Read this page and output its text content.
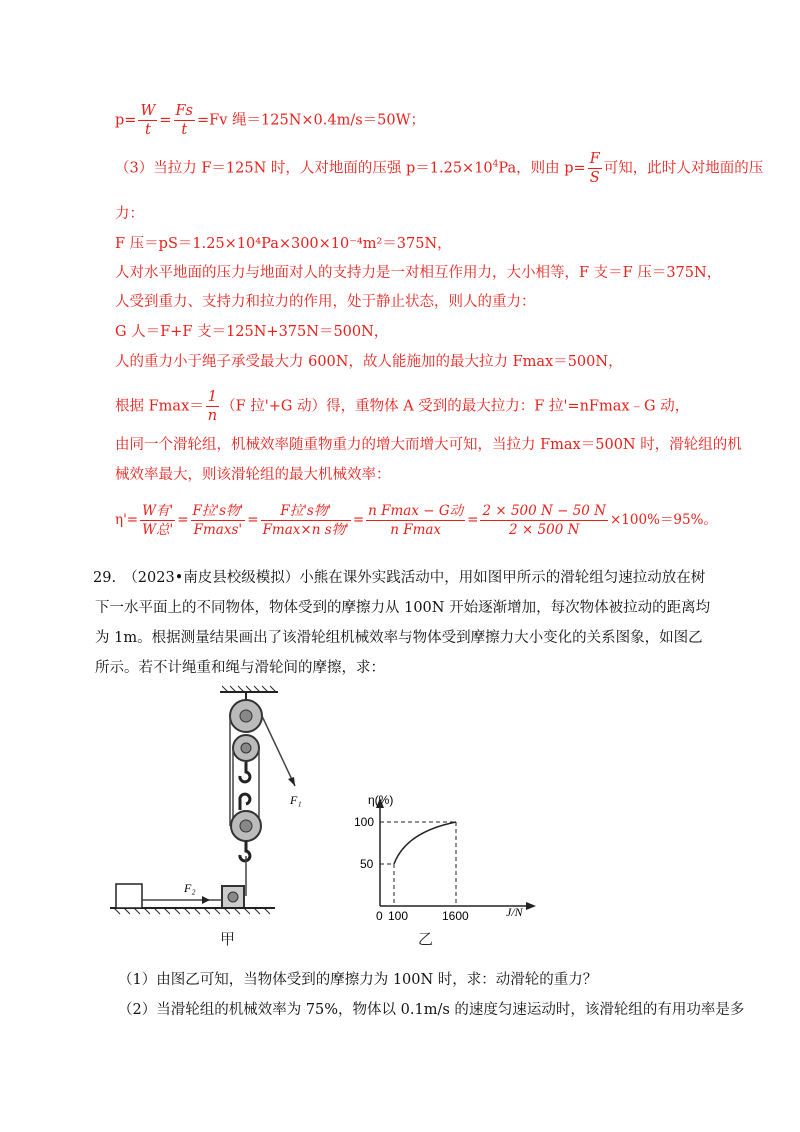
$p= \frac{W}{t} = \frac{Fs}{t} =Fv$ 绳＝125N×0.4m/s＝50W；
（3）当拉力 F＝125N 时，人对地面的压强 $p=1.25\times 10^4Pa$，则由 $p= \frac{F}{S}$ 可知，此时人对地面的压
力：
F 压＝pS＝1.25×10⁴Pa×300×10⁻⁴m²＝375N，
人对水平地面的压力与地面对人的支持力是一对相互作用力，大小相等，F 支＝F 压＝375N，
人受到重力、支持力和拉力的作用，处于静止状态，则人的重力：
G 人＝F+F 支＝125N+375N＝500N，
人的重力小于绳子承受最大力 600N，故人能施加的最大拉力 Fmax＝500N，
根据 $Fmax= \frac{1}{n} (F$ 拉'+G 动）得，重物体 A 受到的最大拉力：F 拉'=nFmax﹣G 动，
由同一个滑轮组，机械效率随重物重力的增大而增大可知，当拉力 Fmax＝500N 时，滑轮组的机
械效率最大，则该滑轮组的最大机械效率：
$\eta'= \frac{\text{W有'}}{\text{W总'}} = \frac{\text{F拉's物'}}{Fmaxs'} = \frac{\text{F拉's物'}}{\text{Fmax×n s物'}} = \frac{\text{n Fmax − G动}}{\text{n Fmax}} = \frac{2 \times 500 N - 50 N}{2 \times 500 N} \times 100\%=95\%$。
29.　（2023•南皮县校级模拟）小熊在课外实践活动中，用如图甲所示的滑轮组匀速拉动放在树下一水平面上的不同物体，物体受到的摩擦力从 100N 开始逐渐增加，每次物体被拉动的距离均为 1m。根据测量结果画出了该滑轮组机械效率与物体受到摩擦力大小变化的关系图象，如图乙所示。若不计绳重和绳与滑轮间的摩擦，求：
F₂
F₁
甲
η(%)
J/N
100
50
0 100	1600
乙
（1）由图乙可知，当物体受到的摩擦力为 100N 时，求：动滑轮的重力？
（2）当滑轮组的机械效率为 75%，物体以 0.1m/s 的速度匀速运动时，该滑轮组的有用功率是多
